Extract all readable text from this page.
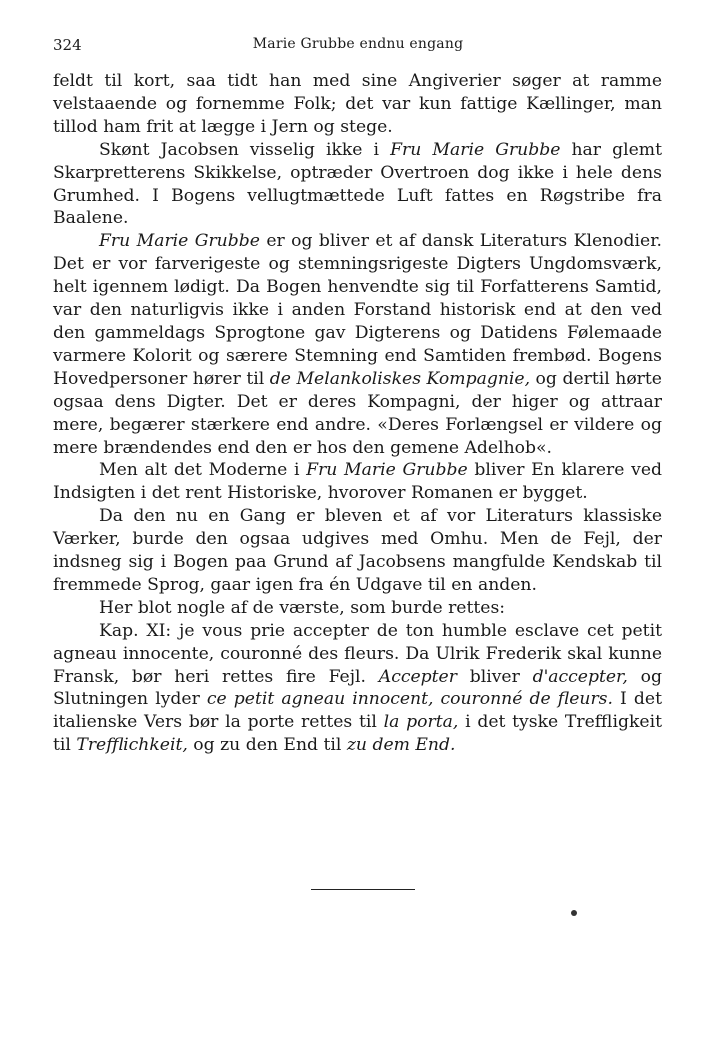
324	Marie Grubbe endnu engang

feldt til kort, saa tidt han med sine Angiverier søger at ramme velstaaende og fornemme Folk; det var kun fattige Kællinger, man tillod ham frit at lægge i Jern og stege.

Skønt Jacobsen visselig ikke i Fru Marie Grubbe har glemt Skarpretterens Skikkelse, optræder Overtroen dog ikke i hele dens Grumhed. I Bogens vellugtmættede Luft fattes en Røgstribe fra Baalene.

Fru Marie Grubbe er og bliver et af dansk Literaturs Klenodier. Det er vor farverigeste og stemningsrigeste Digters Ungdomsværk, helt igennem lødigt. Da Bogen henvendte sig til Forfatterens Samtid, var den naturligvis ikke i anden Forstand historisk end at den ved den gammeldags Sprogtone gav Digterens og Datidens Følemaade varmere Kolorit og særere Stemning end Samtiden frembød. Bogens Hovedpersoner hører til de Melankoliskes Kompagnie, og dertil hørte ogsaa dens Digter. Det er deres Kompagni, der higer og attraar mere, begærer stærkere end andre. «Deres Forlængsel er vildere og mere brændendes end den er hos den gemene Adelhob«.

Men alt det Moderne i Fru Marie Grubbe bliver En klarere ved Indsigten i det rent Historiske, hvorover Romanen er bygget.

Da den nu en Gang er bleven et af vor Literaturs klassiske Værker, burde den ogsaa udgives med Omhu. Men de Fejl, der indsneg sig i Bogen paa Grund af Jacobsens mangfulde Kendskab til fremmede Sprog, gaar igen fra én Udgave til en anden.

Her blot nogle af de værste, som burde rettes:

Kap. XI: je vous prie accepter de ton humble esclave cet petit agneau innocente, couronné des fleurs. Da Ulrik Frederik skal kunne Fransk, bør heri rettes fire Fejl. Accepter bliver d'accepter, og Slutningen lyder ce petit agneau innocent, couronné de fleurs. I det italienske Vers bør la porte rettes til la porta, i det tyske Treffligkeit til Trefflichkeit, og zu den End til zu dem End.
